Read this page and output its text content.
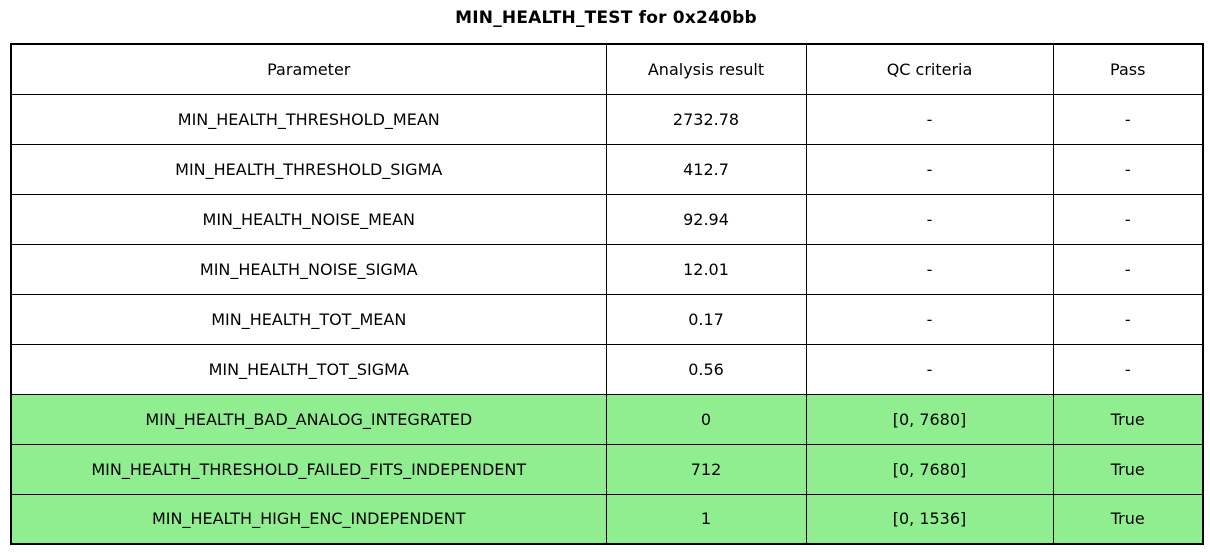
MIN_HEALTH_TEST for 0x240bb
Parameter	Analysis result	QC criteria	Pass
MIN_HEALTH_THRESHOLD_MEAN	2732.78	-	-
MIN_HEALTH_THRESHOLD_SIGMA	412.7	-	-
MIN_HEALTH_NOISE_MEAN	92.94	-	-
MIN_HEALTH_NOISE_SIGMA	12.01	-	-
MIN_HEALTH_TOT_MEAN	0.17	-	-
MIN_HEALTH_TOT_SIGMA	0.56	-	-
MIN_HEALTH_BAD_ANALOG_INTEGRATED	0	[0, 7680]	True
MIN_HEALTH_THRESHOLD_FAILED_FITS_INDEPENDENT	712	[0, 7680]	True
MIN_HEALTH_HIGH_ENC_INDEPENDENT	1	[0, 1536]	True
